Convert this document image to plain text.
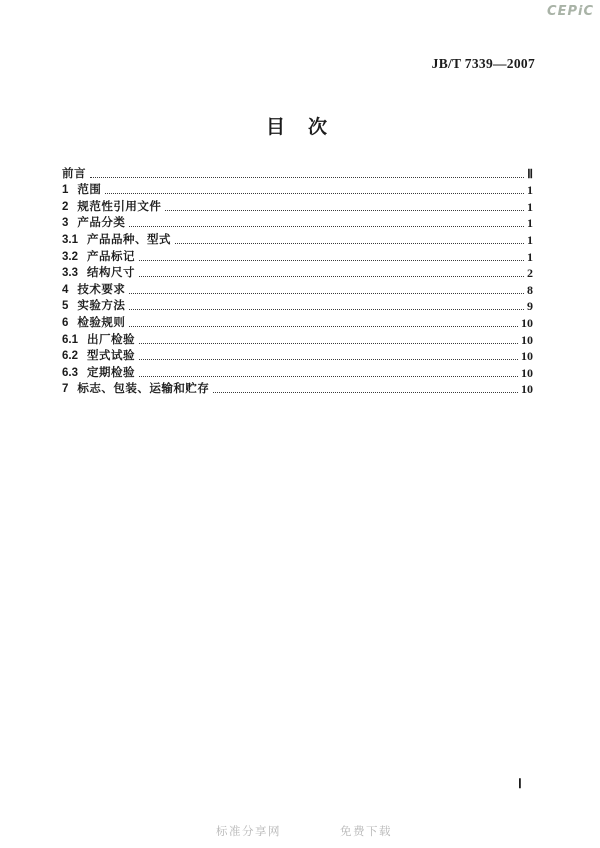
CEPiC
JB/T 7339—2007
目　次
前言	Ⅱ
1 范围	1
2 规范性引用文件	1
3 产品分类	1
3.1 产品品种、型式	1
3.2 产品标记	1
3.3 结构尺寸	2
4 技术要求	8
5 实验方法	9
6 检验规则	10
6.1 出厂检验	10
6.2 型式试验	10
6.3 定期检验	10
7 标志、包装、运输和贮存	10
Ⅰ
标准分享网	免费下载
